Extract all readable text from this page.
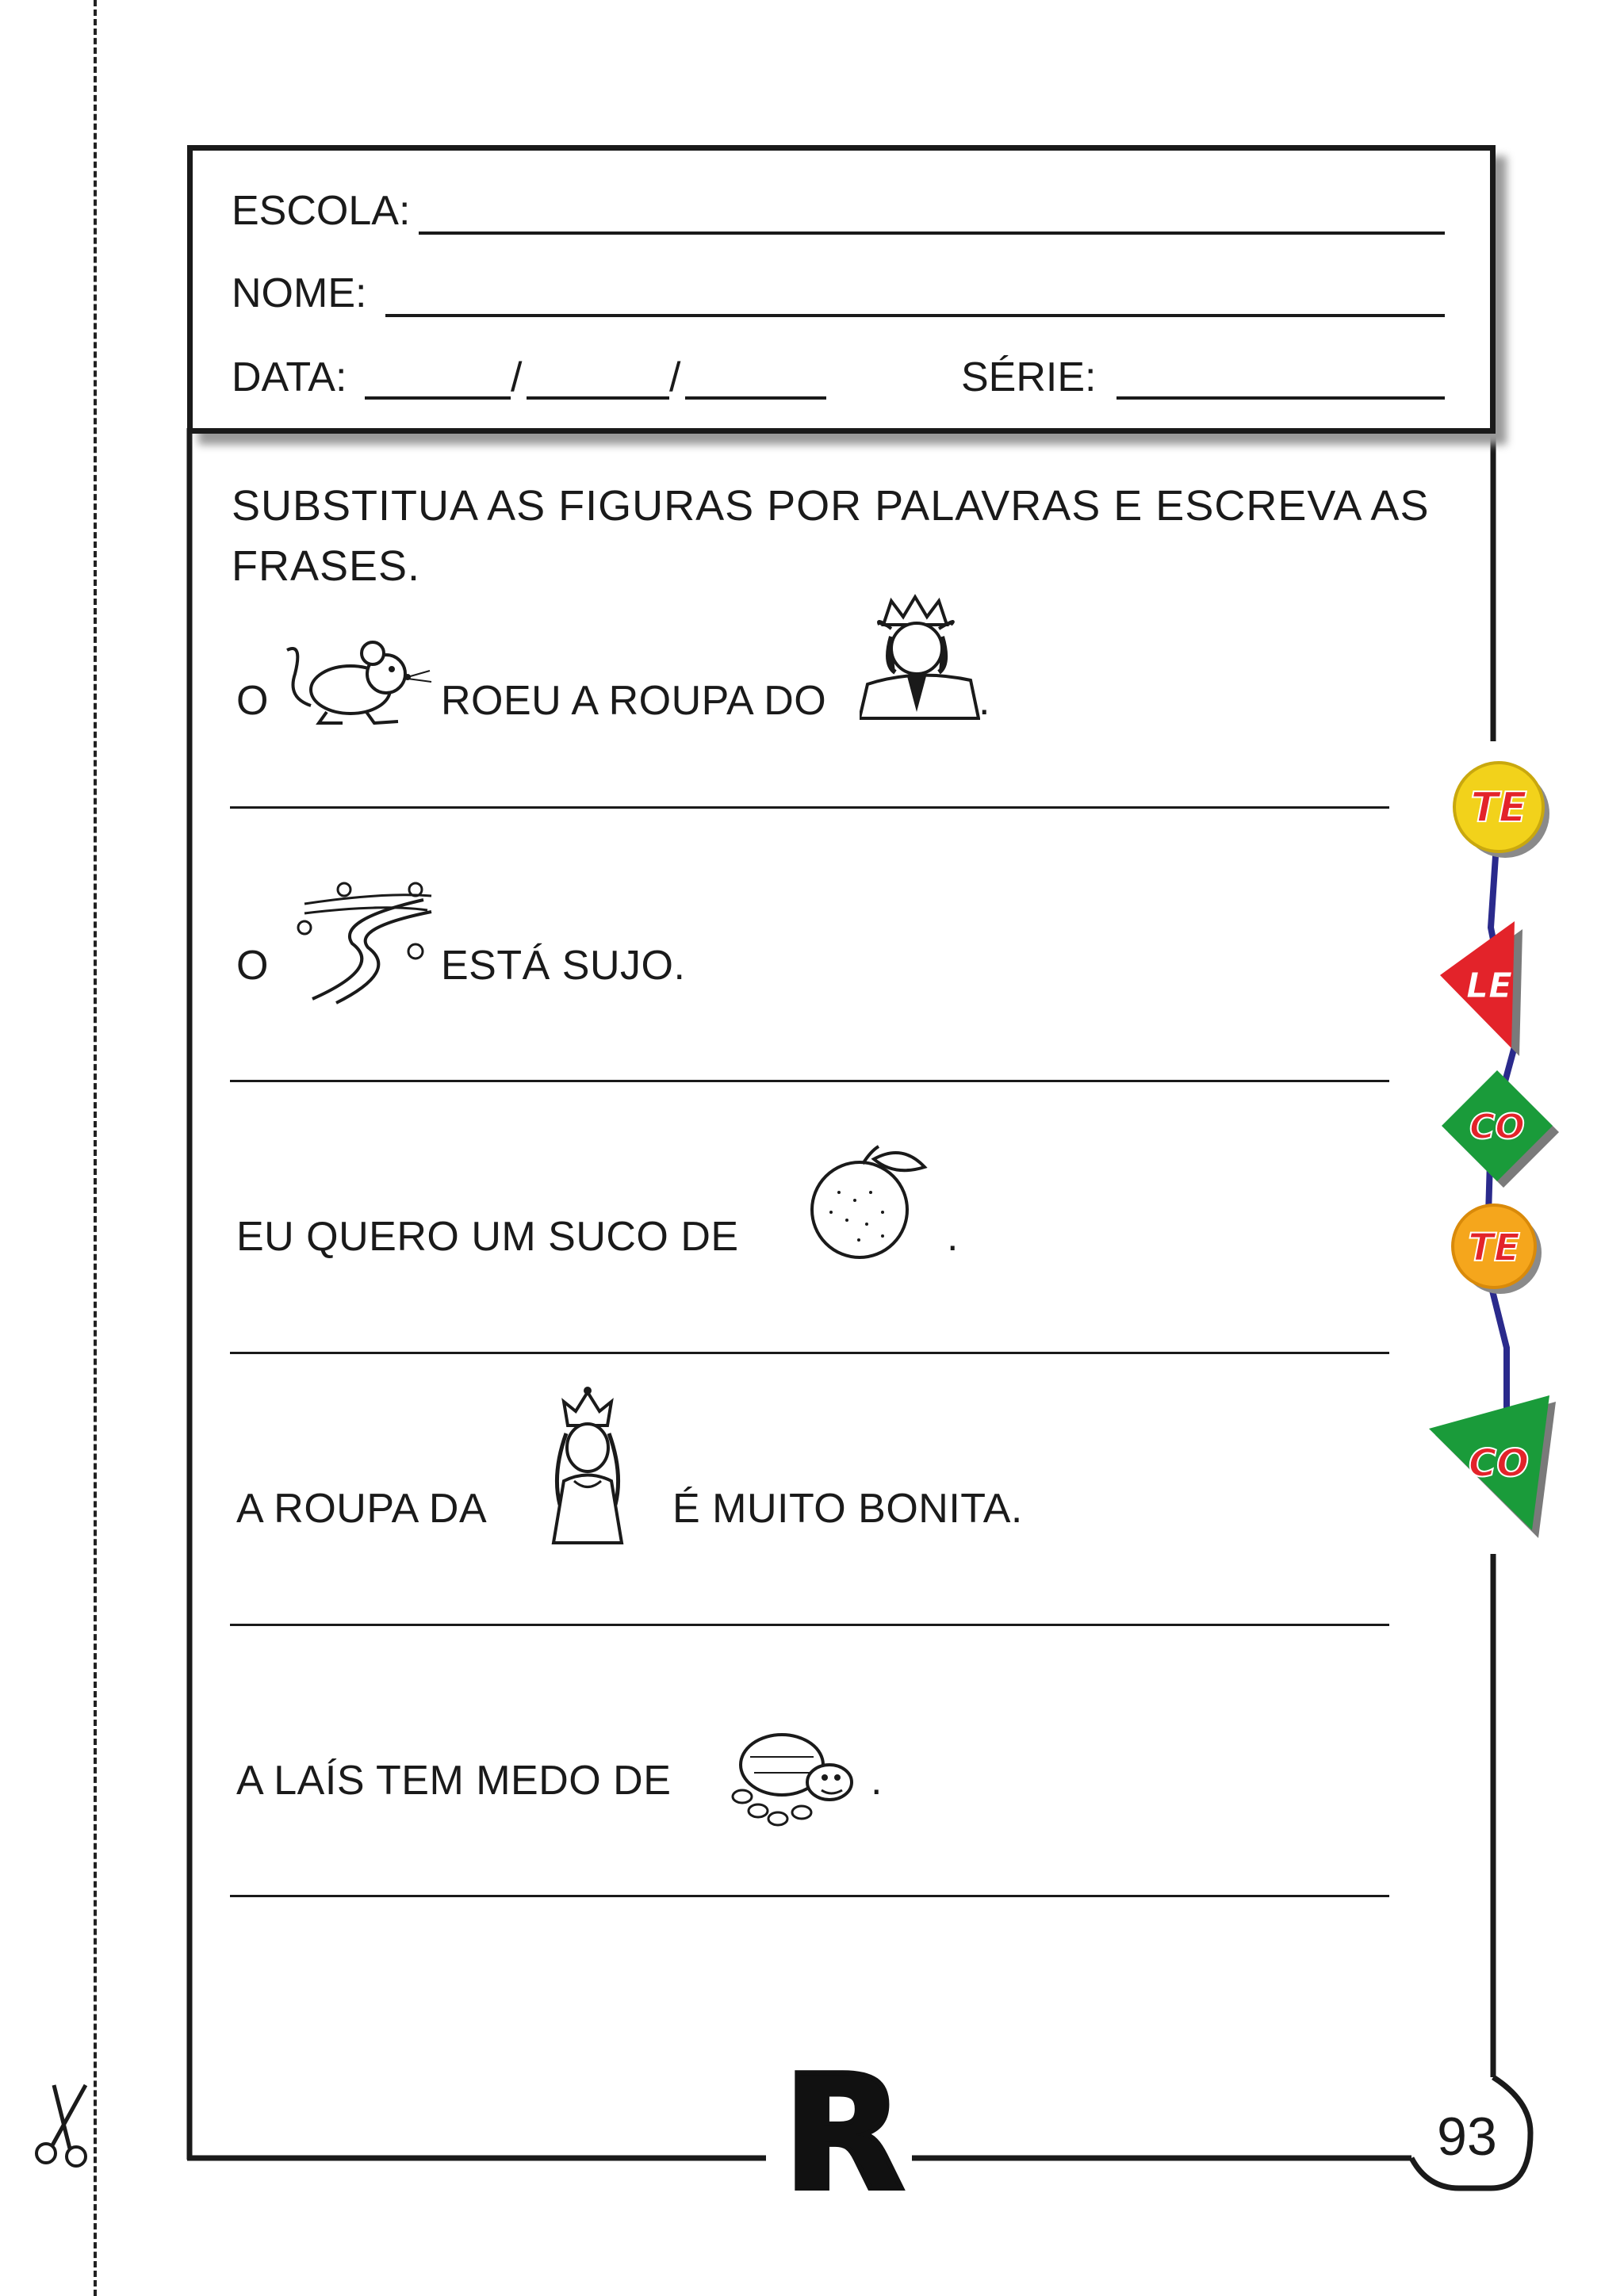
ESCOLA:
NOME:
DATA:	/	/	SÉRIE:
SUBSTITUA AS FIGURAS POR PALAVRAS E ESCREVA AS FRASES.
O	ROEU A ROUPA DO	.
O	ESTÁ SUJO.
EU QUERO UM SUCO DE	.
A ROUPA DA	É MUITO BONITA.
A LAÍS TEM MEDO DE	.
TE
LE
CO
TE
CO
R	93
